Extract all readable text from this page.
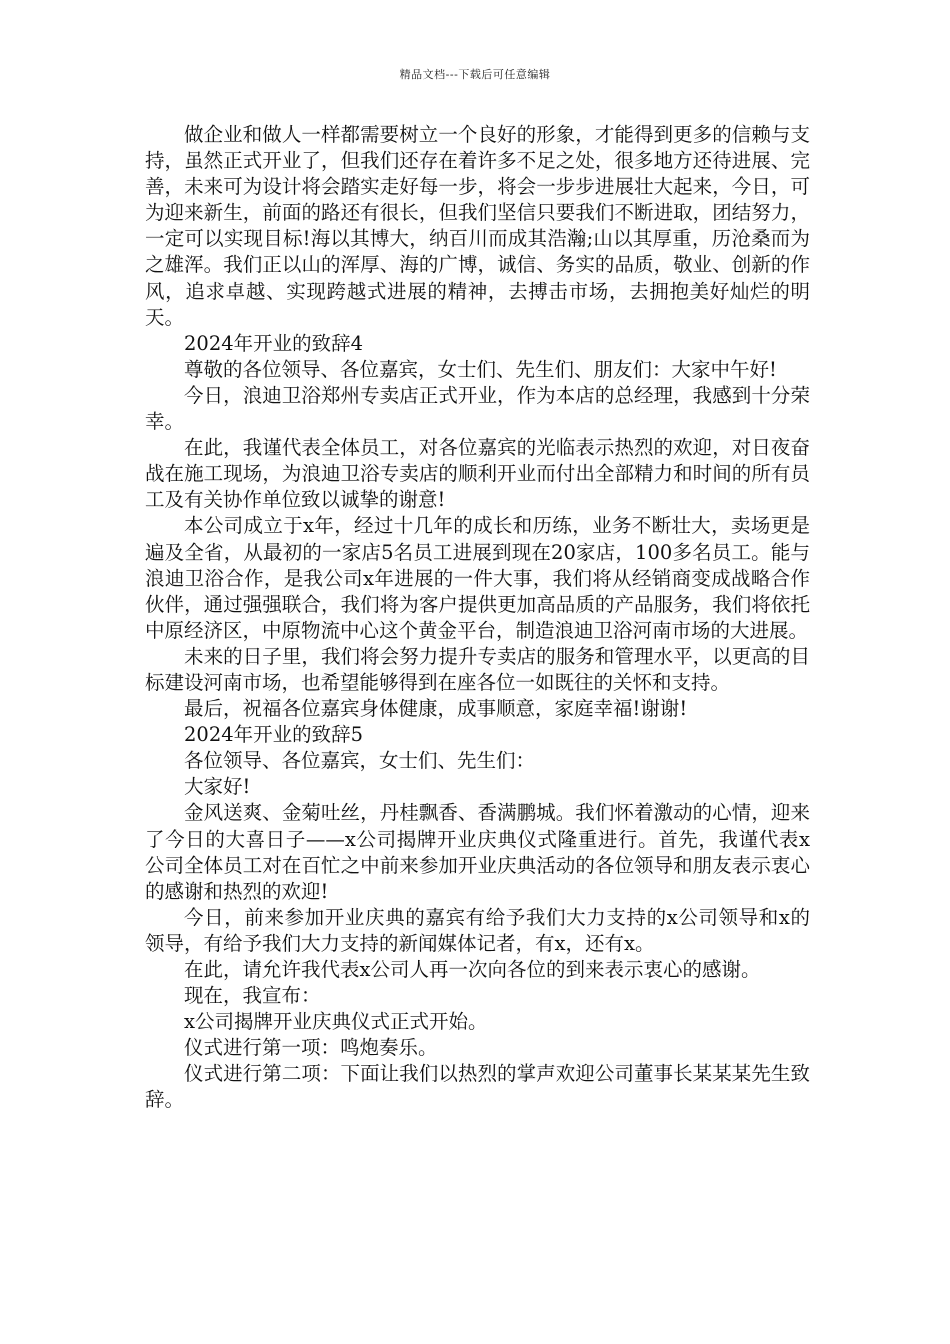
精品文档---下载后可任意编辑

做企业和做人一样都需要树立一个良好的形象，才能得到更多的信赖与支持，虽然正式开业了，但我们还存在着许多不足之处，很多地方还待进展、完善，未来可为设计将会踏实走好每一步，将会一步步进展壮大起来，今日，可为迎来新生，前面的路还有很长，但我们坚信只要我们不断进取，团结努力，一定可以实现目标!海以其博大，纳百川而成其浩瀚;山以其厚重，历沧桑而为之雄浑。我们正以山的浑厚、海的广博，诚信、务实的品质，敬业、创新的作风，追求卓越、实现跨越式进展的精神，去搏击市场，去拥抱美好灿烂的明天。

2024年开业的致辞4

尊敬的各位领导、各位嘉宾，女士们、先生们、朋友们：大家中午好!

今日，浪迪卫浴郑州专卖店正式开业，作为本店的总经理，我感到十分荣幸。

在此，我谨代表全体员工，对各位嘉宾的光临表示热烈的欢迎，对日夜奋战在施工现场，为浪迪卫浴专卖店的顺利开业而付出全部精力和时间的所有员工及有关协作单位致以诚挚的谢意!

本公司成立于x年，经过十几年的成长和历练，业务不断壮大，卖场更是遍及全省，从最初的一家店5名员工进展到现在20家店，100多名员工。能与浪迪卫浴合作，是我公司x年进展的一件大事，我们将从经销商变成战略合作伙伴，通过强强联合，我们将为客户提供更加高品质的产品服务，我们将依托中原经济区，中原物流中心这个黄金平台，制造浪迪卫浴河南市场的大进展。

未来的日子里，我们将会努力提升专卖店的服务和管理水平，以更高的目标建设河南市场，也希望能够得到在座各位一如既往的关怀和支持。

最后，祝福各位嘉宾身体健康，成事顺意，家庭幸福!谢谢!

2024年开业的致辞5

各位领导、各位嘉宾，女士们、先生们：

大家好!

金风送爽、金菊吐丝，丹桂飘香、香满鹏城。我们怀着激动的心情，迎来了今日的大喜日子——x公司揭牌开业庆典仪式隆重进行。首先，我谨代表x公司全体员工对在百忙之中前来参加开业庆典活动的各位领导和朋友表示衷心的感谢和热烈的欢迎!

今日，前来参加开业庆典的嘉宾有给予我们大力支持的x公司领导和x的领导，有给予我们大力支持的新闻媒体记者，有x，还有x。

在此，请允许我代表x公司人再一次向各位的到来表示衷心的感谢。

现在，我宣布：

x公司揭牌开业庆典仪式正式开始。

仪式进行第一项：鸣炮奏乐。

仪式进行第二项：下面让我们以热烈的掌声欢迎公司董事长某某某先生致辞。
